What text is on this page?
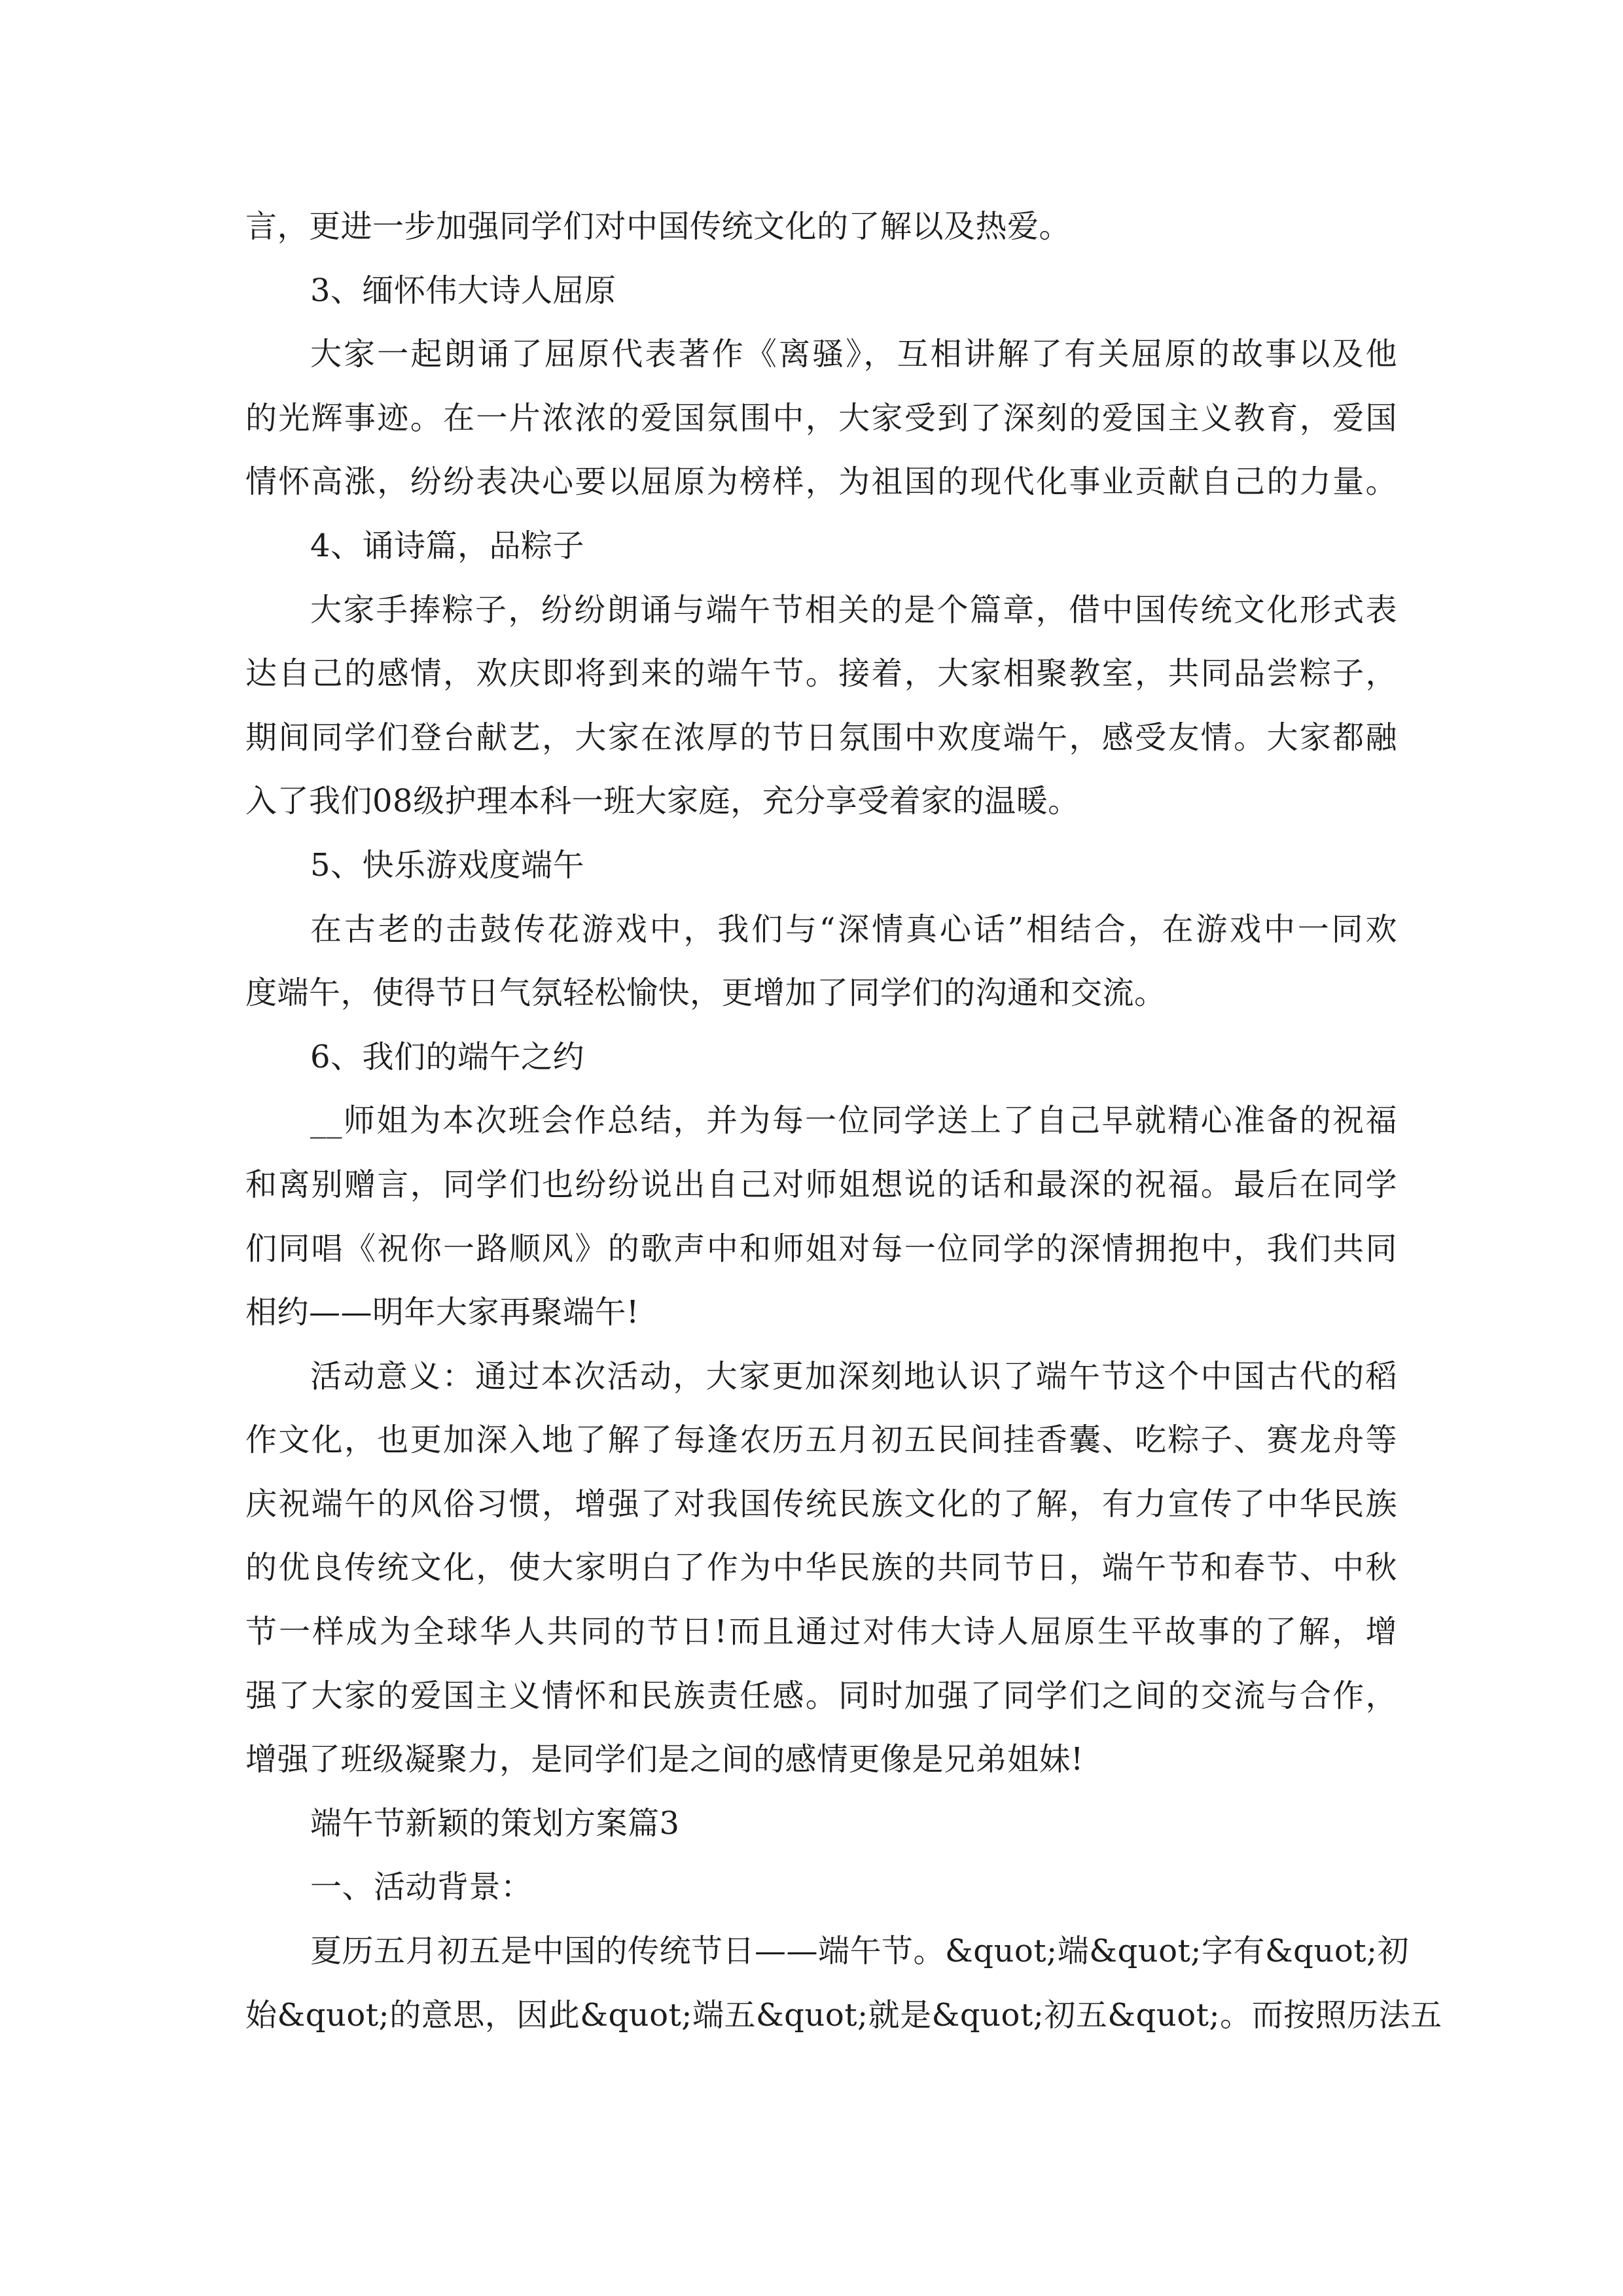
言，更进一步加强同学们对中国传统文化的了解以及热爱。
3、缅怀伟大诗人屈原
大家一起朗诵了屈原代表著作《离骚》，互相讲解了有关屈原的故事以及他
的光辉事迹。在一片浓浓的爱国氛围中，大家受到了深刻的爱国主义教育，爱国
情怀高涨，纷纷表决心要以屈原为榜样，为祖国的现代化事业贡献自己的力量。
4、诵诗篇，品粽子
大家手捧粽子，纷纷朗诵与端午节相关的是个篇章，借中国传统文化形式表
达自己的感情，欢庆即将到来的端午节。接着，大家相聚教室，共同品尝粽子，
期间同学们登台献艺，大家在浓厚的节日氛围中欢度端午，感受友情。大家都融
入了我们08级护理本科一班大家庭，充分享受着家的温暖。
5、快乐游戏度端午
在古老的击鼓传花游戏中，我们与“深情真心话”相结合，在游戏中一同欢
度端午，使得节日气氛轻松愉快，更增加了同学们的沟通和交流。
6、我们的端午之约
__师姐为本次班会作总结，并为每一位同学送上了自己早就精心准备的祝福
和离别赠言，同学们也纷纷说出自己对师姐想说的话和最深的祝福。最后在同学
们同唱《祝你一路顺风》的歌声中和师姐对每一位同学的深情拥抱中，我们共同
相约——明年大家再聚端午!
活动意义：通过本次活动，大家更加深刻地认识了端午节这个中国古代的稻
作文化，也更加深入地了解了每逢农历五月初五民间挂香囊、吃粽子、赛龙舟等
庆祝端午的风俗习惯，增强了对我国传统民族文化的了解，有力宣传了中华民族
的优良传统文化，使大家明白了作为中华民族的共同节日，端午节和春节、中秋
节一样成为全球华人共同的节日!而且通过对伟大诗人屈原生平故事的了解，增
强了大家的爱国主义情怀和民族责任感。同时加强了同学们之间的交流与合作，
增强了班级凝聚力，是同学们是之间的感情更像是兄弟姐妹!
端午节新颖的策划方案篇3
一、活动背景：
夏历五月初五是中国的传统节日——端午节。&quot;端&quot;字有&quot;初
始&quot;的意思，因此&quot;端五&quot;就是&quot;初五&quot;。而按照历法五
